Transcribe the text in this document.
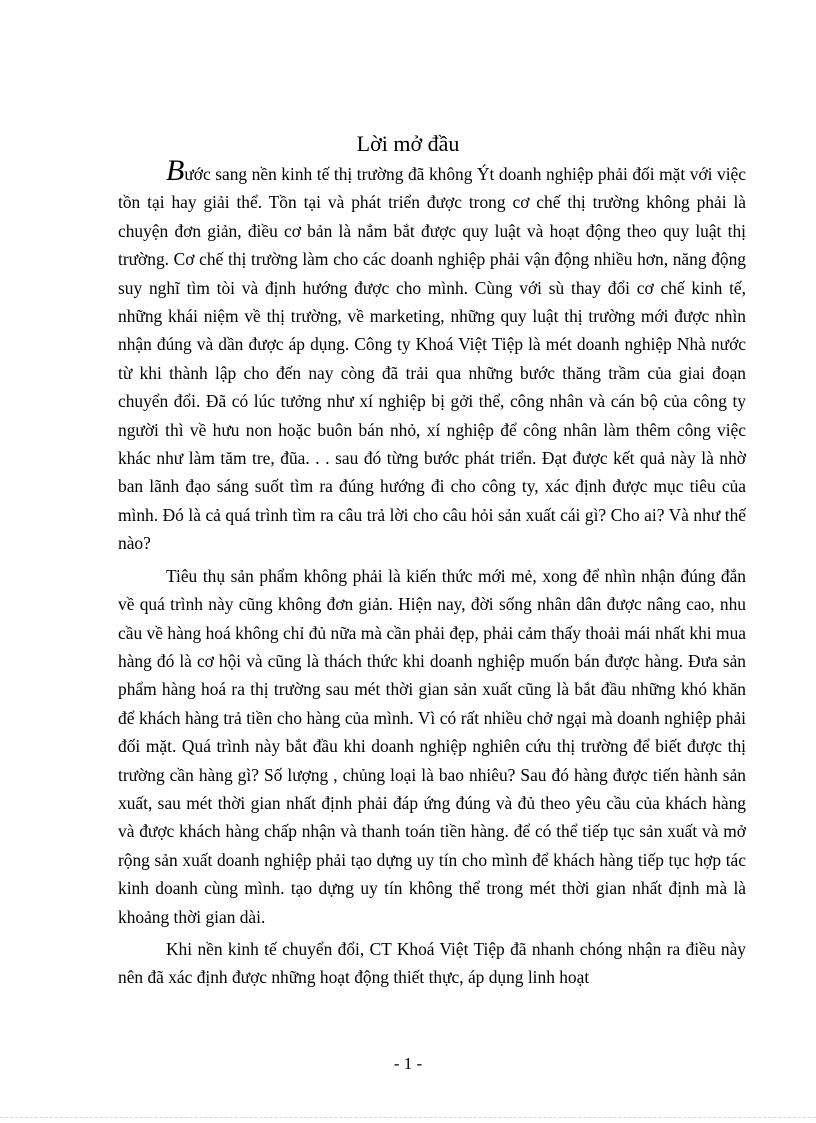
Lời mở đầu

Bước sang nền kinh tế thị trường đã không Ýt doanh nghiệp phải đối mặt với việc tồn tại hay giải thể. Tồn tại và phát triển được trong cơ chế thị trường không phải là chuyện đơn giản, điều cơ bản là nắm bắt được quy luật và hoạt động theo quy luật thị trường. Cơ chế thị trường làm cho các doanh nghiệp phải vận động nhiều hơn, năng động suy nghĩ tìm tòi và định hướng được cho mình. Cùng với sù thay đổi cơ chế kinh tế, những khái niệm về thị trường, về marketing, những quy luật thị trường mới được nhìn nhận đúng và dần được áp dụng. Công ty Khoá Việt Tiệp là mét doanh nghiệp Nhà nước từ khi thành lập cho đến nay còng đã trải qua những bước thăng trầm của giai đoạn chuyển đổi. Đã có lúc tưởng như xí nghiệp bị gởi thể, công nhân và cán bộ của công ty người thì về hưu non hoặc buôn bán nhỏ, xí nghiệp để công nhân làm thêm công việc khác như làm tăm tre, đũa. . . sau đó từng bước phát triển. Đạt được kết quả này là nhờ ban lãnh đạo sáng suốt tìm ra đúng hướng đi cho công ty, xác định được mục tiêu của mình. Đó là cả quá trình tìm ra câu trả lời cho câu hỏi sản xuất cái gì? Cho ai? Và như thế nào?

Tiêu thụ sản phẩm không phải là kiến thức mới mẻ, xong để nhìn nhận đúng đắn về quá trình này cũng không đơn giản. Hiện nay, đời sống nhân dân được nâng cao, nhu cầu về hàng hoá không chỉ đủ nữa mà cần phải đẹp, phải cảm thấy thoải mái nhất khi mua hàng đó là cơ hội và cũng là thách thức khi doanh nghiệp muốn bán được hàng. Đưa sản phẩm hàng hoá ra thị trường sau mét thời gian sản xuất cũng là bắt đầu những khó khăn để khách hàng trả tiền cho hàng của mình. Vì có rất nhiều chở ngại mà doanh nghiệp phải đối mặt. Quá trình này bắt đầu khi doanh nghiệp nghiên cứu thị trường để biết được thị trường cần hàng gì? Số lượng , chủng loại là bao nhiêu? Sau đó hàng được tiến hành sản xuất, sau mét thời gian nhất định phải đáp ứng đúng và đủ theo yêu cầu của khách hàng và được khách hàng chấp nhận và thanh toán tiền hàng. để có thể tiếp tục sản xuất và mở rộng sản xuất doanh nghiệp phải tạo dựng uy tín cho mình để khách hàng tiếp tục hợp tác kinh doanh cùng mình. tạo dựng uy tín không thể trong mét thời gian nhất định mà là khoảng thời gian dài.

Khi nền kinh tế chuyển đổi, CT Khoá Việt Tiệp đã nhanh chóng nhận ra điều này nên đã xác định được những hoạt động thiết thực, áp dụng linh hoạt

- 1 -
